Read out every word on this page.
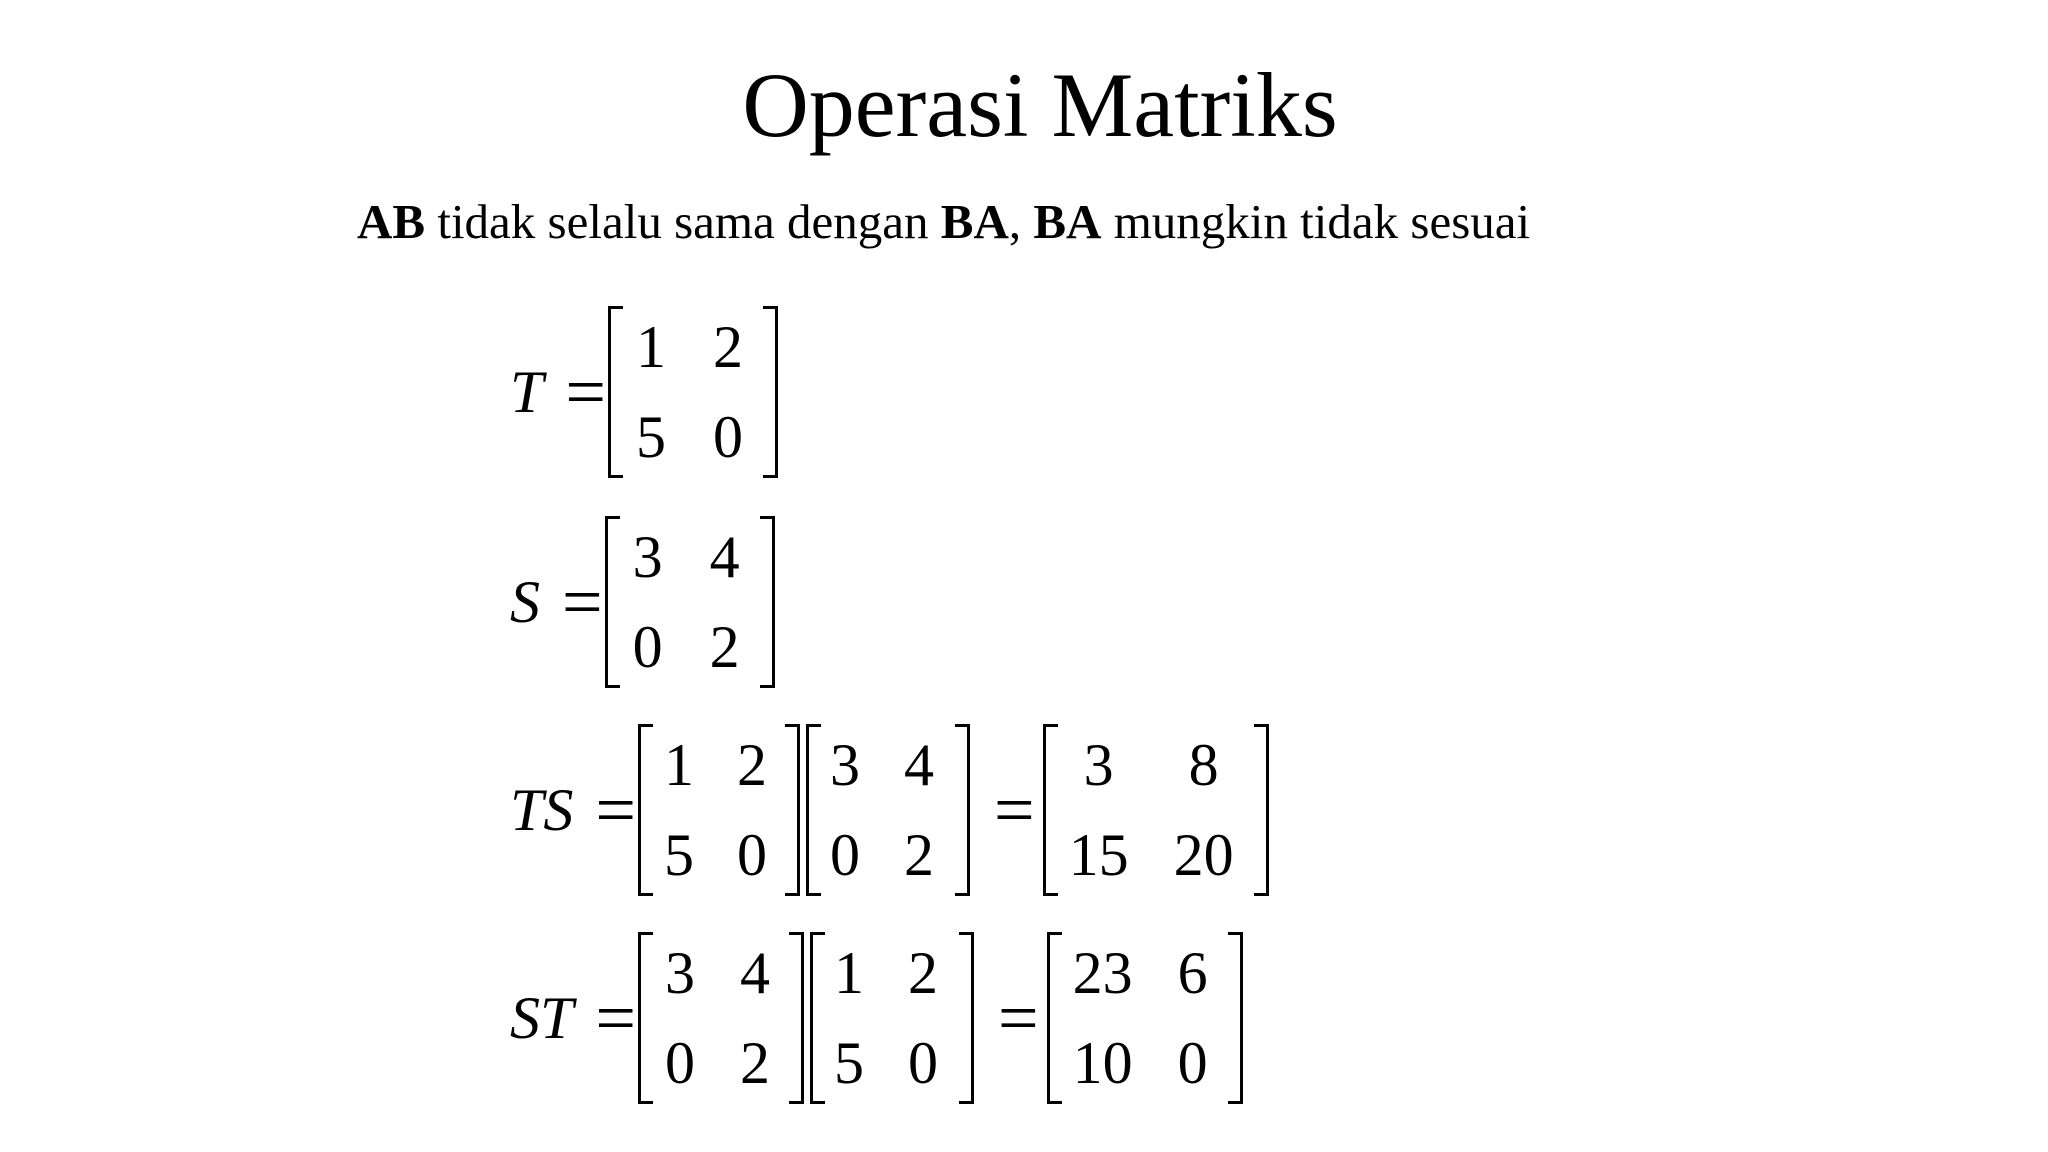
Operasi Matriks
AB tidak selalu sama dengan BA, BA mungkin tidak sesuai
T =
1 2
5 0
S =
3 4
0 2
TS =
1 2
5 0
3 4
0 2
=
3	8
15 20
ST =
3 4
0 2
1 2
5 0
=
23 6
10 0
